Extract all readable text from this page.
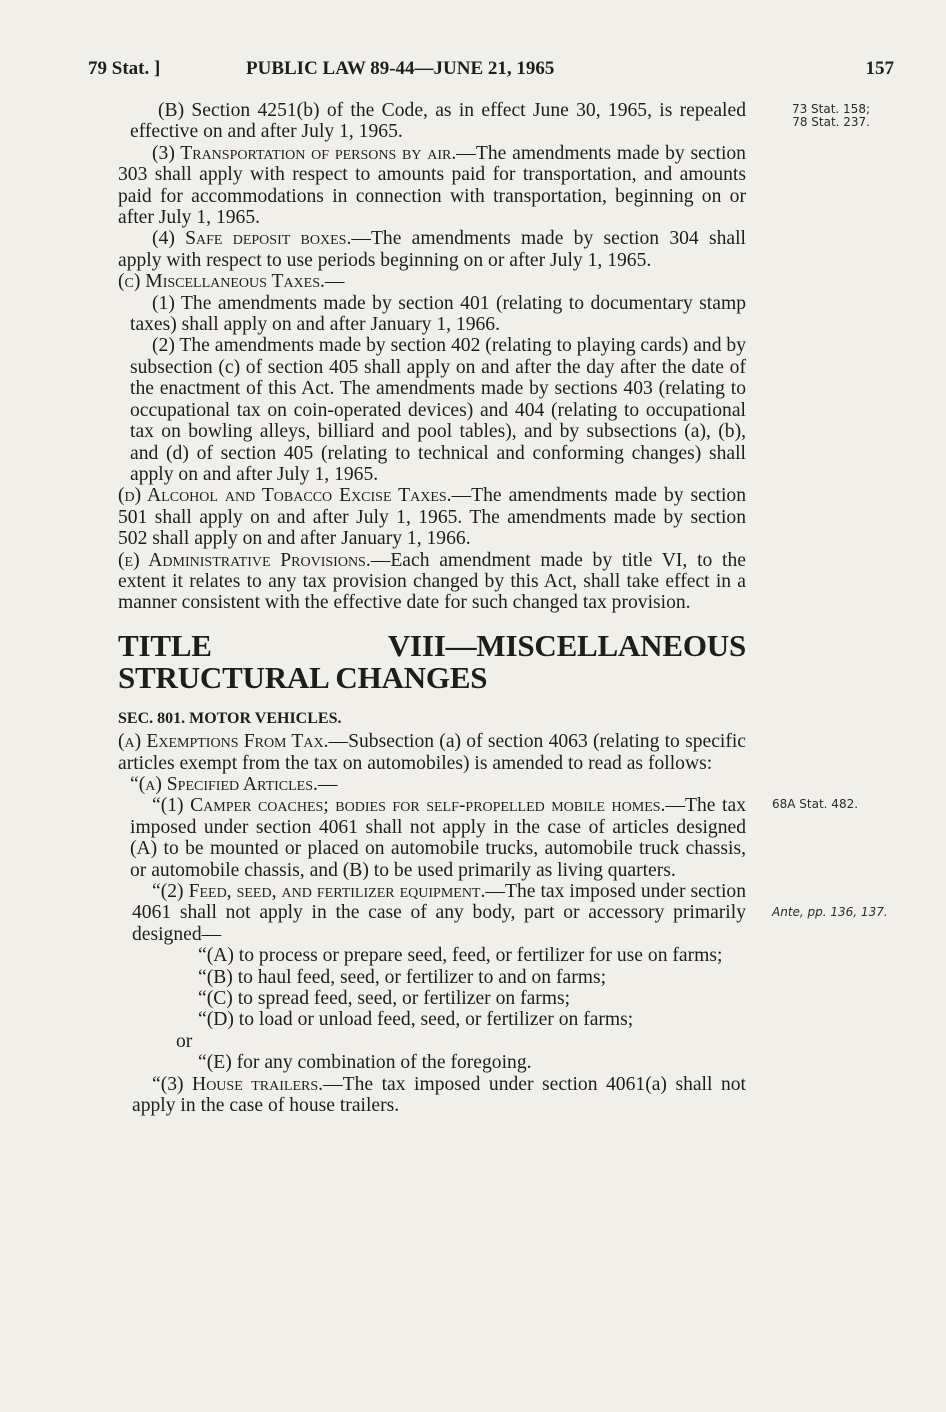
79 Stat. ]	PUBLIC LAW 89-44—JUNE 21, 1965	157
73 Stat. 158;
78 Stat. 237.
68A Stat. 482.
Ante, pp. 136, 137.

(B) Section 4251(b) of the Code, as in effect June 30, 1965, is repealed effective on and after July 1, 1965.

(3) Transportation of persons by air.—The amendments made by section 303 shall apply with respect to amounts paid for transportation, and amounts paid for accommodations in connection with transportation, beginning on or after July 1, 1965.

(4) Safe deposit boxes.—The amendments made by section 304 shall apply with respect to use periods beginning on or after July 1, 1965.

(c) Miscellaneous Taxes.—

(1) The amendments made by section 401 (relating to documentary stamp taxes) shall apply on and after January 1, 1966.

(2) The amendments made by section 402 (relating to playing cards) and by subsection (c) of section 405 shall apply on and after the day after the date of the enactment of this Act. The amendments made by sections 403 (relating to occupational tax on coin-operated devices) and 404 (relating to occupational tax on bowling alleys, billiard and pool tables), and by subsections (a), (b), and (d) of section 405 (relating to technical and conforming changes) shall apply on and after July 1, 1965.

(d) Alcohol and Tobacco Excise Taxes.—The amendments made by section 501 shall apply on and after July 1, 1965. The amendments made by section 502 shall apply on and after January 1, 1966.

(e) Administrative Provisions.—Each amendment made by title VI, to the extent it relates to any tax provision changed by this Act, shall take effect in a manner consistent with the effective date for such changed tax provision.

TITLE VIII—MISCELLANEOUS STRUCTURAL CHANGES

SEC. 801. MOTOR VEHICLES.

(a) Exemptions From Tax.—Subsection (a) of section 4063 (relating to specific articles exempt from the tax on automobiles) is amended to read as follows:

“(a) Specified Articles.—

“(1) Camper coaches; bodies for self-propelled mobile homes.—The tax imposed under section 4061 shall not apply in the case of articles designed (A) to be mounted or placed on automobile trucks, automobile truck chassis, or automobile chassis, and (B) to be used primarily as living quarters.

“(2) Feed, seed, and fertilizer equipment.—The tax imposed under section 4061 shall not apply in the case of any body, part or accessory primarily designed—

“(A) to process or prepare seed, feed, or fertilizer for use on farms;

“(B) to haul feed, seed, or fertilizer to and on farms;

“(C) to spread feed, seed, or fertilizer on farms;

“(D) to load or unload feed, seed, or fertilizer on farms;

or

“(E) for any combination of the foregoing.

“(3) House trailers.—The tax imposed under section 4061(a) shall not apply in the case of house trailers.
